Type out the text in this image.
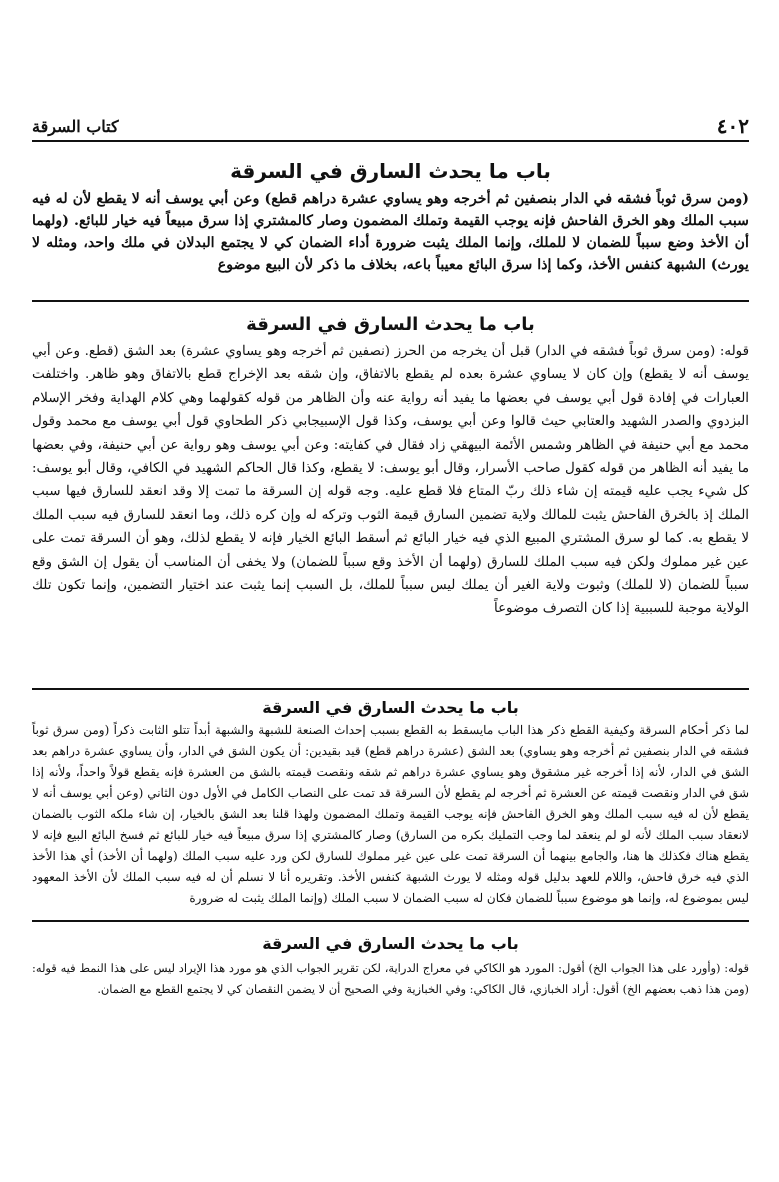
٤٠٢
كتاب السرقة
باب ما يحدث السارق في السرقة

(ومن سرق ثوباً فشقه في الدار بنصفين ثم أخرجه وهو يساوي عشرة دراهم قطع) وعن أبي يوسف أنه لا يقطع لأن له فيه سبب الملك وهو الخرق الفاحش فإنه يوجب القيمة وتملك المضمون وصار كالمشتري إذا سرق مبيعاً فيه خيار للبائع. (ولهما أن الأخذ وضع سبباً للضمان لا للملك، وإنما الملك يثبت ضرورة أداء الضمان كي لا يجتمع البدلان في ملك واحد، ومثله لا يورث) الشبهة كنفس الأخذ، وكما إذا سرق البائع معيباً باعه، بخلاف ما ذكر لأن البيع موضوع

باب ما يحدث السارق في السرقة

قوله: (ومن سرق ثوباً فشقه في الدار) قبل أن يخرجه من الحرز (نصفين ثم أخرجه وهو يساوي عشرة) بعد الشق (قطع. وعن أبي يوسف أنه لا يقطع) وإن كان لا يساوي عشرة بعده لم يقطع بالاتفاق، وإن شقه بعد الإخراج قطع بالاتفاق وهو ظاهر. واختلفت العبارات في إفادة قول أبي يوسف في بعضها ما يفيد أنه رواية عنه وأن الظاهر من قوله كقولهما وهي كلام الهداية وفخر الإسلام البزدوي والصدر الشهيد والعتابي حيث قالوا وعن أبي يوسف، وكذا قول الإسبيجابي ذكر الطحاوي قول أبي يوسف مع محمد وقول محمد مع أبي حنيفة في الظاهر وشمس الأئمة البيهقي زاد فقال في كفايته: وعن أبي يوسف وهو رواية عن أبي حنيفة، وفي بعضها ما يفيد أنه الظاهر من قوله كقول صاحب الأسرار، وقال أبو يوسف: لا يقطع، وكذا قال الحاكم الشهيد في الكافي، وقال أبو يوسف: كل شيء يجب عليه قيمته إن شاء ذلك ربّ المتاع فلا قطع عليه. وجه قوله إن السرقة ما تمت إلا وقد انعقد للسارق فيها سبب الملك إذ بالخرق الفاحش يثبت للمالك ولاية تضمين السارق قيمة الثوب وتركه له وإن كره ذلك، وما انعقد للسارق فيه سبب الملك لا يقطع به. كما لو سرق المشتري المبيع الذي فيه خيار البائع ثم أسقط البائع الخيار فإنه لا يقطع لذلك، وهو أن السرقة تمت على عين غير مملوك ولكن فيه سبب الملك للسارق (ولهما أن الأخذ وقع سبباً للضمان) ولا يخفى أن المناسب أن يقول إن الشق وقع سبباً للضمان (لا للملك) وثبوت ولاية الغير أن يملك ليس سبباً للملك، بل السبب إنما يثبت عند اختيار التضمين، وإنما تكون تلك الولاية موجبة للسببية إذا كان التصرف موضوعاً

باب ما يحدث السارق في السرقة

لما ذكر أحكام السرقة وكيفية القطع ذكر هذا الباب مايسقط به القطع بسبب إحداث الصنعة للشبهة والشبهة أبداً تتلو الثابت ذكراً (ومن سرق ثوباً فشقه في الدار بنصفين ثم أخرجه وهو يساوي) بعد الشق (عشرة دراهم قطع) قيد بقيدين: أن يكون الشق في الدار، وأن يساوي عشرة دراهم بعد الشق في الدار، لأنه إذا أخرجه غير مشقوق وهو يساوي عشرة دراهم ثم شقه ونقصت قيمته بالشق من العشرة فإنه يقطع قولاً واحداً، ولأنه إذا شق في الدار ونقصت قيمته عن العشرة ثم أخرجه لم يقطع لأن السرقة قد تمت على النصاب الكامل في الأول دون الثاني (وعن أبي يوسف أنه لا يقطع لأن له فيه سبب الملك وهو الخرق الفاحش فإنه يوجب القيمة وتملك المضمون ولهذا قلنا بعد الشق بالخيار، إن شاء ملكه الثوب بالضمان لانعقاد سبب الملك لأنه لو لم ينعقد لما وجب التمليك بكره من السارق) وصار كالمشتري إذا سرق مبيعاً فيه خيار للبائع ثم فسخ البائع البيع فإنه لا يقطع هناك فكذلك ها هنا، والجامع بينهما أن السرقة تمت على عين غير مملوك للسارق لكن ورد عليه سبب الملك (ولهما أن الأخذ) أي هذا الأخذ الذي فيه خرق فاحش، واللام للعهد بدليل قوله ومثله لا يورث الشبهة كنفس الأخذ. وتقريره أنا لا نسلم أن له فيه سبب الملك لأن الأخذ المعهود ليس بموضوع له، وإنما هو موضوع سبباً للضمان فكان له سبب الضمان لا سبب الملك (وإنما الملك يثبت له ضرورة

باب ما يحدث السارق في السرقة

قوله: (وأورد على هذا الجواب الخ) أقول: المورد هو الكاكي في معراج الدراية، لكن تقرير الجواب الذي هو مورد هذا الإيراد ليس على هذا النمط فيه قوله: (ومن هذا ذهب بعضهم الخ) أقول: أراد الخبازي، قال الكاكي: وفي الخبازية وفي الصحيح أن لا يضمن النقصان كي لا يجتمع القطع مع الضمان.
